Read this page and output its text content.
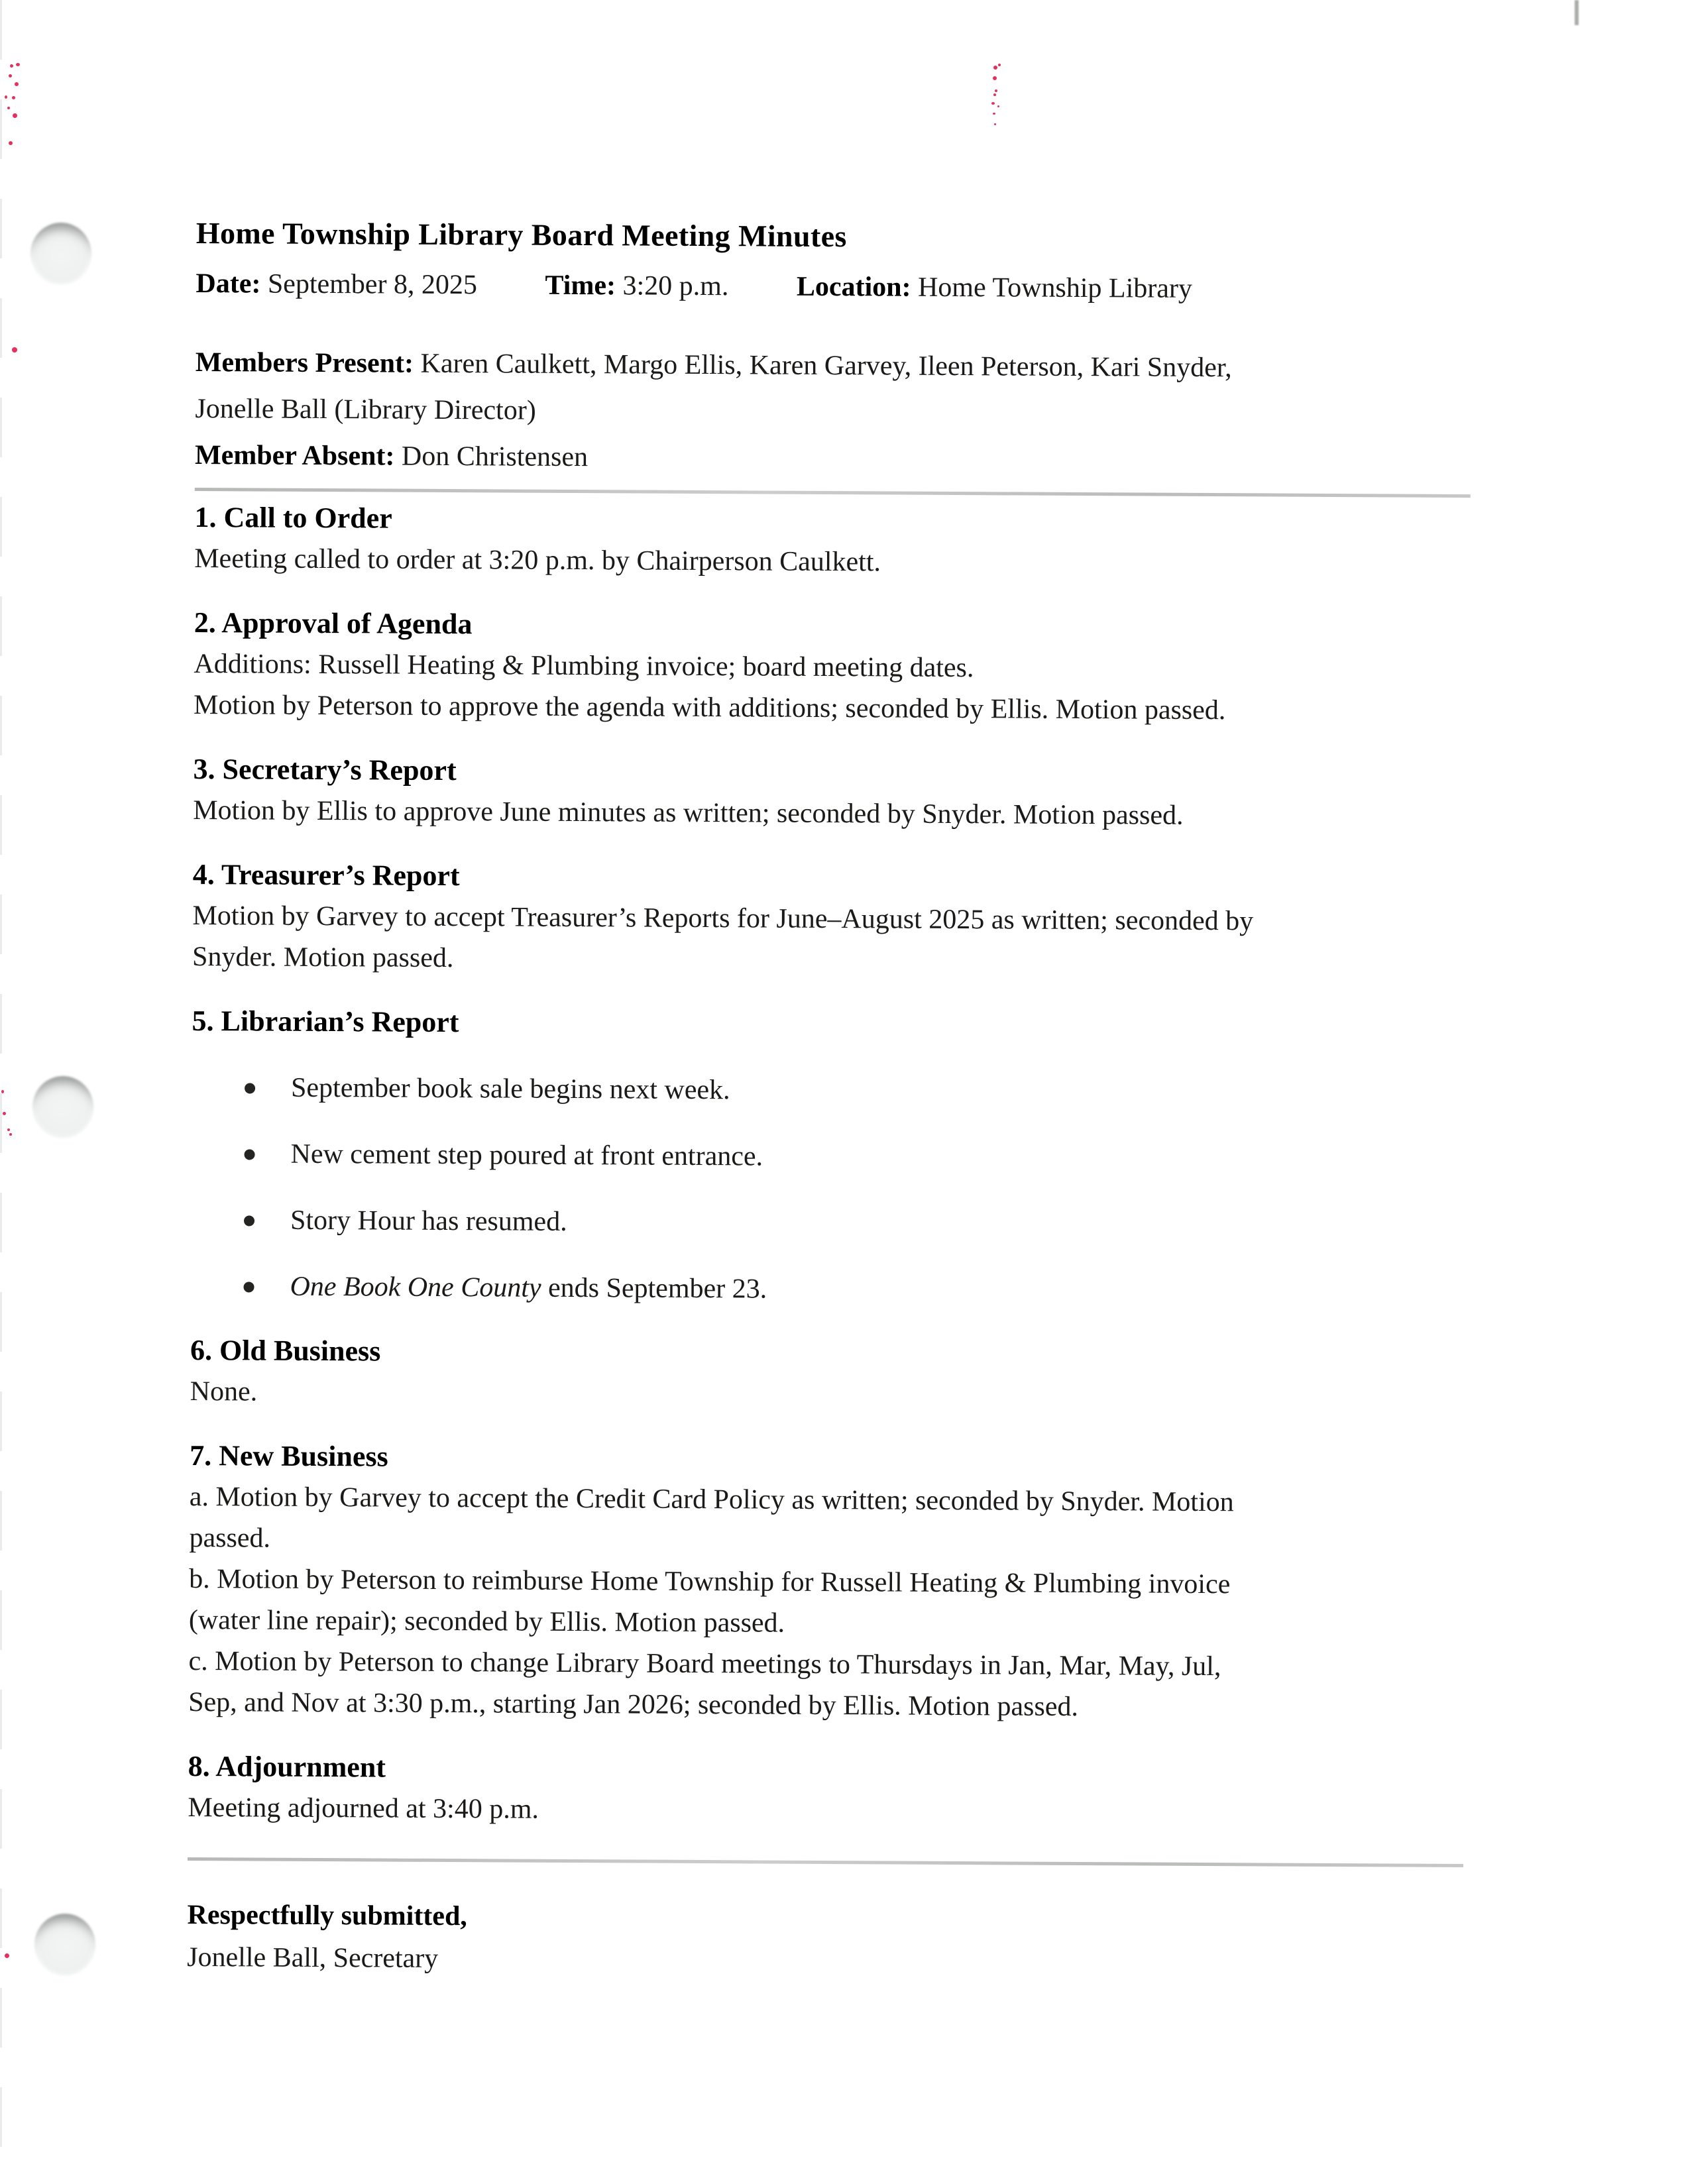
Home Township Library Board Meeting Minutes
Date: September 8, 2025 Time: 3:20 p.m. Location: Home Township Library
Members Present: Karen Caulkett, Margo Ellis, Karen Garvey, Ileen Peterson, Kari Snyder,
Jonelle Ball (Library Director)
Member Absent: Don Christensen
1. Call to Order

Meeting called to order at 3:20 p.m. by Chairperson Caulkett.

2. Approval of Agenda

Additions: Russell Heating & Plumbing invoice; board meeting dates.
Motion by Peterson to approve the agenda with additions; seconded by Ellis. Motion passed.

3. Secretary’s Report

Motion by Ellis to approve June minutes as written; seconded by Snyder. Motion passed.

4. Treasurer’s Report

Motion by Garvey to accept Treasurer’s Reports for June–August 2025 as written; seconded by
Snyder. Motion passed.

5. Librarian’s Report
September book sale begins next week.
New cement step poured at front entrance.
Story Hour has resumed.
One Book One County ends September 23.
6. Old Business

None.

7. New Business

a. Motion by Garvey to accept the Credit Card Policy as written; seconded by Snyder. Motion
passed.
b. Motion by Peterson to reimburse Home Township for Russell Heating & Plumbing invoice
(water line repair); seconded by Ellis. Motion passed.
c. Motion by Peterson to change Library Board meetings to Thursdays in Jan, Mar, May, Jul,
Sep, and Nov at 3:30 p.m., starting Jan 2026; seconded by Ellis. Motion passed.

8. Adjournment

Meeting adjourned at 3:40 p.m.

Respectfully submitted,
Jonelle Ball, Secretary
